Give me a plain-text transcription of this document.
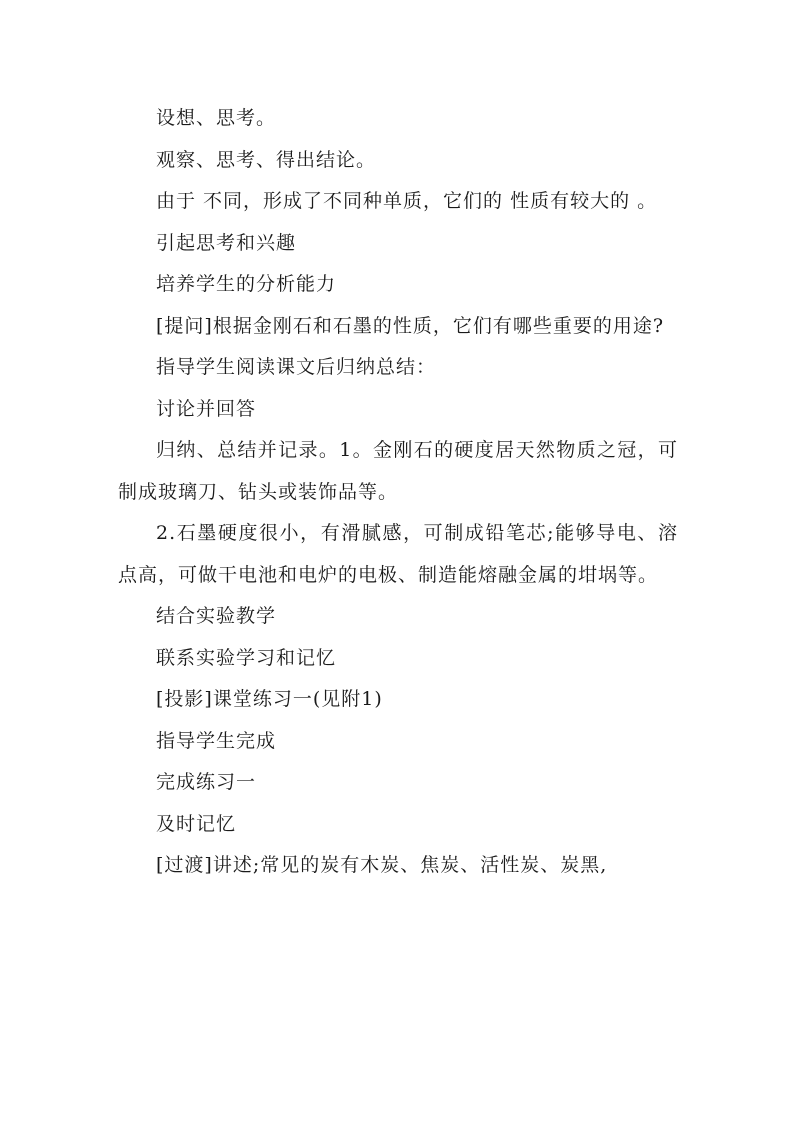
设想、思考。

观察、思考、得出结论。

由于 不同，形成了不同种单质，它们的 性质有较大的 。

引起思考和兴趣

培养学生的分析能力

[提问]根据金刚石和石墨的性质，它们有哪些重要的用途?

指导学生阅读课文后归纳总结：

讨论并回答

归纳、总结并记录。1。金刚石的硬度居天然物质之冠，可制成玻璃刀、钻头或装饰品等。

2.石墨硬度很小，有滑腻感，可制成铅笔芯;能够导电、溶点高，可做干电池和电炉的电极、制造能熔融金属的坩埚等。

结合实验教学

联系实验学习和记忆

[投影]课堂练习一(见附1)

指导学生完成

完成练习一

及时记忆

[过渡]讲述;常见的炭有木炭、焦炭、活性炭、炭黑,
